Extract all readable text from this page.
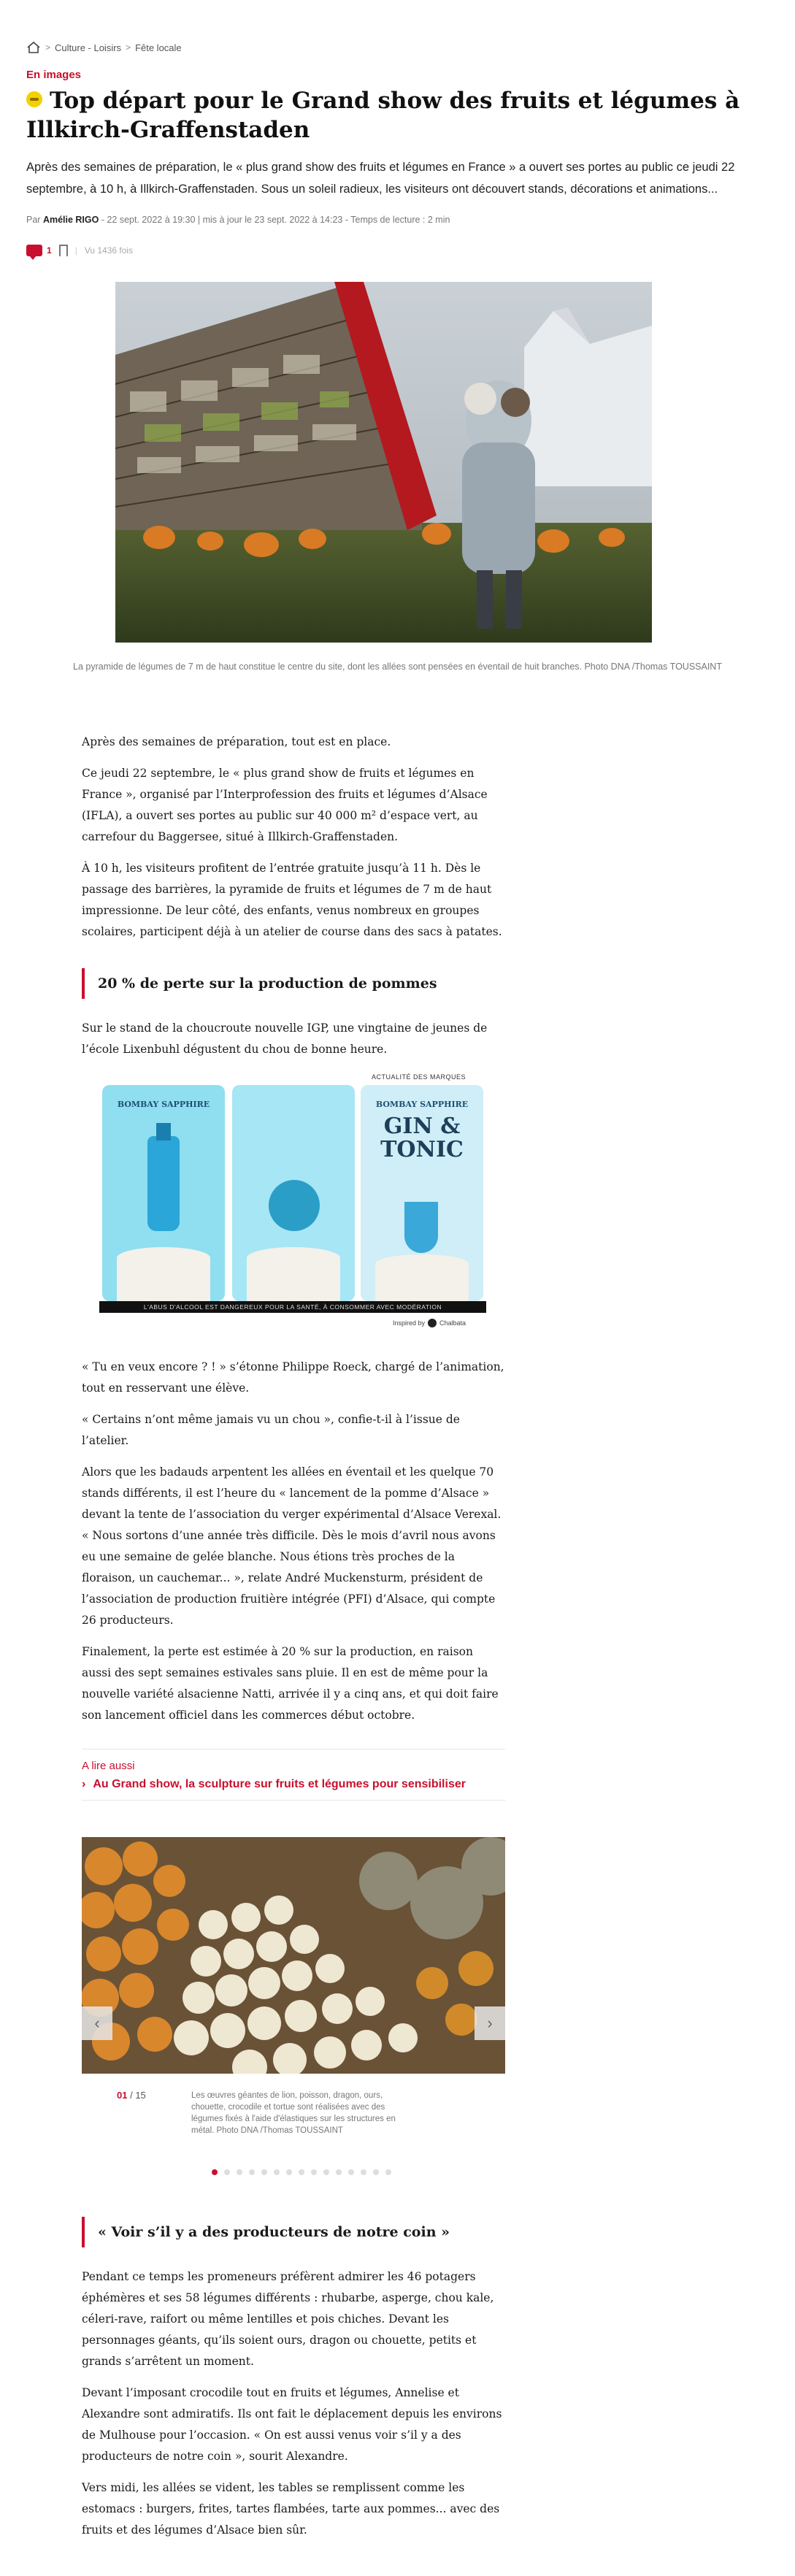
> Culture - Loisirs > Fête locale
En images
Top départ pour le Grand show des fruits et légumes à Illkirch-Graffenstaden

Après des semaines de préparation, le « plus grand show des fruits et légumes en France » a ouvert ses portes au public ce jeudi 22 septembre, à 10 h, à Illkirch-Graffenstaden. Sous un soleil radieux, les visiteurs ont découvert stands, décorations et animations...

Par Amélie RIGO - 22 sept. 2022 à 19:30 | mis à jour le 23 sept. 2022 à 14:23 - Temps de lecture : 2 min
1	| Vu 1436 fois

La pyramide de légumes de 7 m de haut constitue le centre du site, dont les allées sont pensées en éventail de huit branches. Photo DNA /Thomas TOUSSAINT

Après des semaines de préparation, tout est en place.

Ce jeudi 22 septembre, le « plus grand show de fruits et légumes en France », organisé par l’Interprofession des fruits et légumes d’Alsace (IFLA), a ouvert ses portes au public sur 40 000 m² d’espace vert, au carrefour du Baggersee, situé à Illkirch-Graffenstaden.

À 10 h, les visiteurs profitent de l’entrée gratuite jusqu’à 11 h. Dès le passage des barrières, la pyramide de fruits et légumes de 7 m de haut impressionne. De leur côté, des enfants, venus nombreux en groupes scolaires, participent déjà à un atelier de course dans des sacs à patates.

20 % de perte sur la production de pommes

Sur le stand de la choucroute nouvelle IGP, une vingtaine de jeunes de l’école Lixenbuhl dégustent du chou de bonne heure.

ACTUALITÉ DES MARQUES
BOMBAY SAPPHIRE	BOMBAY SAPPHIRE
GIN & TONIC
L'ABUS D'ALCOOL EST DANGEREUX POUR LA SANTÉ, À CONSOMMER AVEC MODÉRATION
Inspired by Chalbata

« Tu en veux encore ? ! » s’étonne Philippe Roeck, chargé de l’animation, tout en resservant une élève.

« Certains n’ont même jamais vu un chou », confie-t-il à l’issue de l’atelier.

Alors que les badauds arpentent les allées en éventail et les quelque 70 stands différents, il est l’heure du « lancement de la pomme d’Alsace » devant la tente de l’association du verger expérimental d’Alsace Verexal. « Nous sortons d’une année très difficile. Dès le mois d’avril nous avons eu une semaine de gelée blanche. Nous étions très proches de la floraison, un cauchemar... », relate André Muckensturm, président de l’association de production fruitière intégrée (PFI) d’Alsace, qui compte 26 producteurs.

Finalement, la perte est estimée à 20 % sur la production, en raison aussi des sept semaines estivales sans pluie. Il en est de même pour la nouvelle variété alsacienne Natti, arrivée il y a cinq ans, et qui doit faire son lancement officiel dans les commerces début octobre.

A lire aussi
› Au Grand show, la sculpture sur fruits et légumes pour sensibiliser
‹	›
01 / 15	Les œuvres géantes de lion, poisson, dragon, ours, chouette, crocodile et tortue sont réalisées avec des légumes fixés à l'aide d'élastiques sur les structures en métal. Photo DNA /Thomas TOUSSAINT
« Voir s’il y a des producteurs de notre coin »

Pendant ce temps les promeneurs préfèrent admirer les 46 potagers éphémères et ses 58 légumes différents : rhubarbe, asperge, chou kale, céleri-rave, raifort ou même lentilles et pois chiches. Devant les personnages géants, qu’ils soient ours, dragon ou chouette, petits et grands s’arrêtent un moment.

Devant l’imposant crocodile tout en fruits et légumes, Annelise et Alexandre sont admiratifs. Ils ont fait le déplacement depuis les environs de Mulhouse pour l’occasion. « On est aussi venus voir s’il y a des producteurs de notre coin », sourit Alexandre.

Vers midi, les allées se vident, les tables se remplissent comme les estomacs : burgers, frites, tartes flambées, tarte aux pommes... avec des fruits et des légumes d’Alsace bien sûr.
